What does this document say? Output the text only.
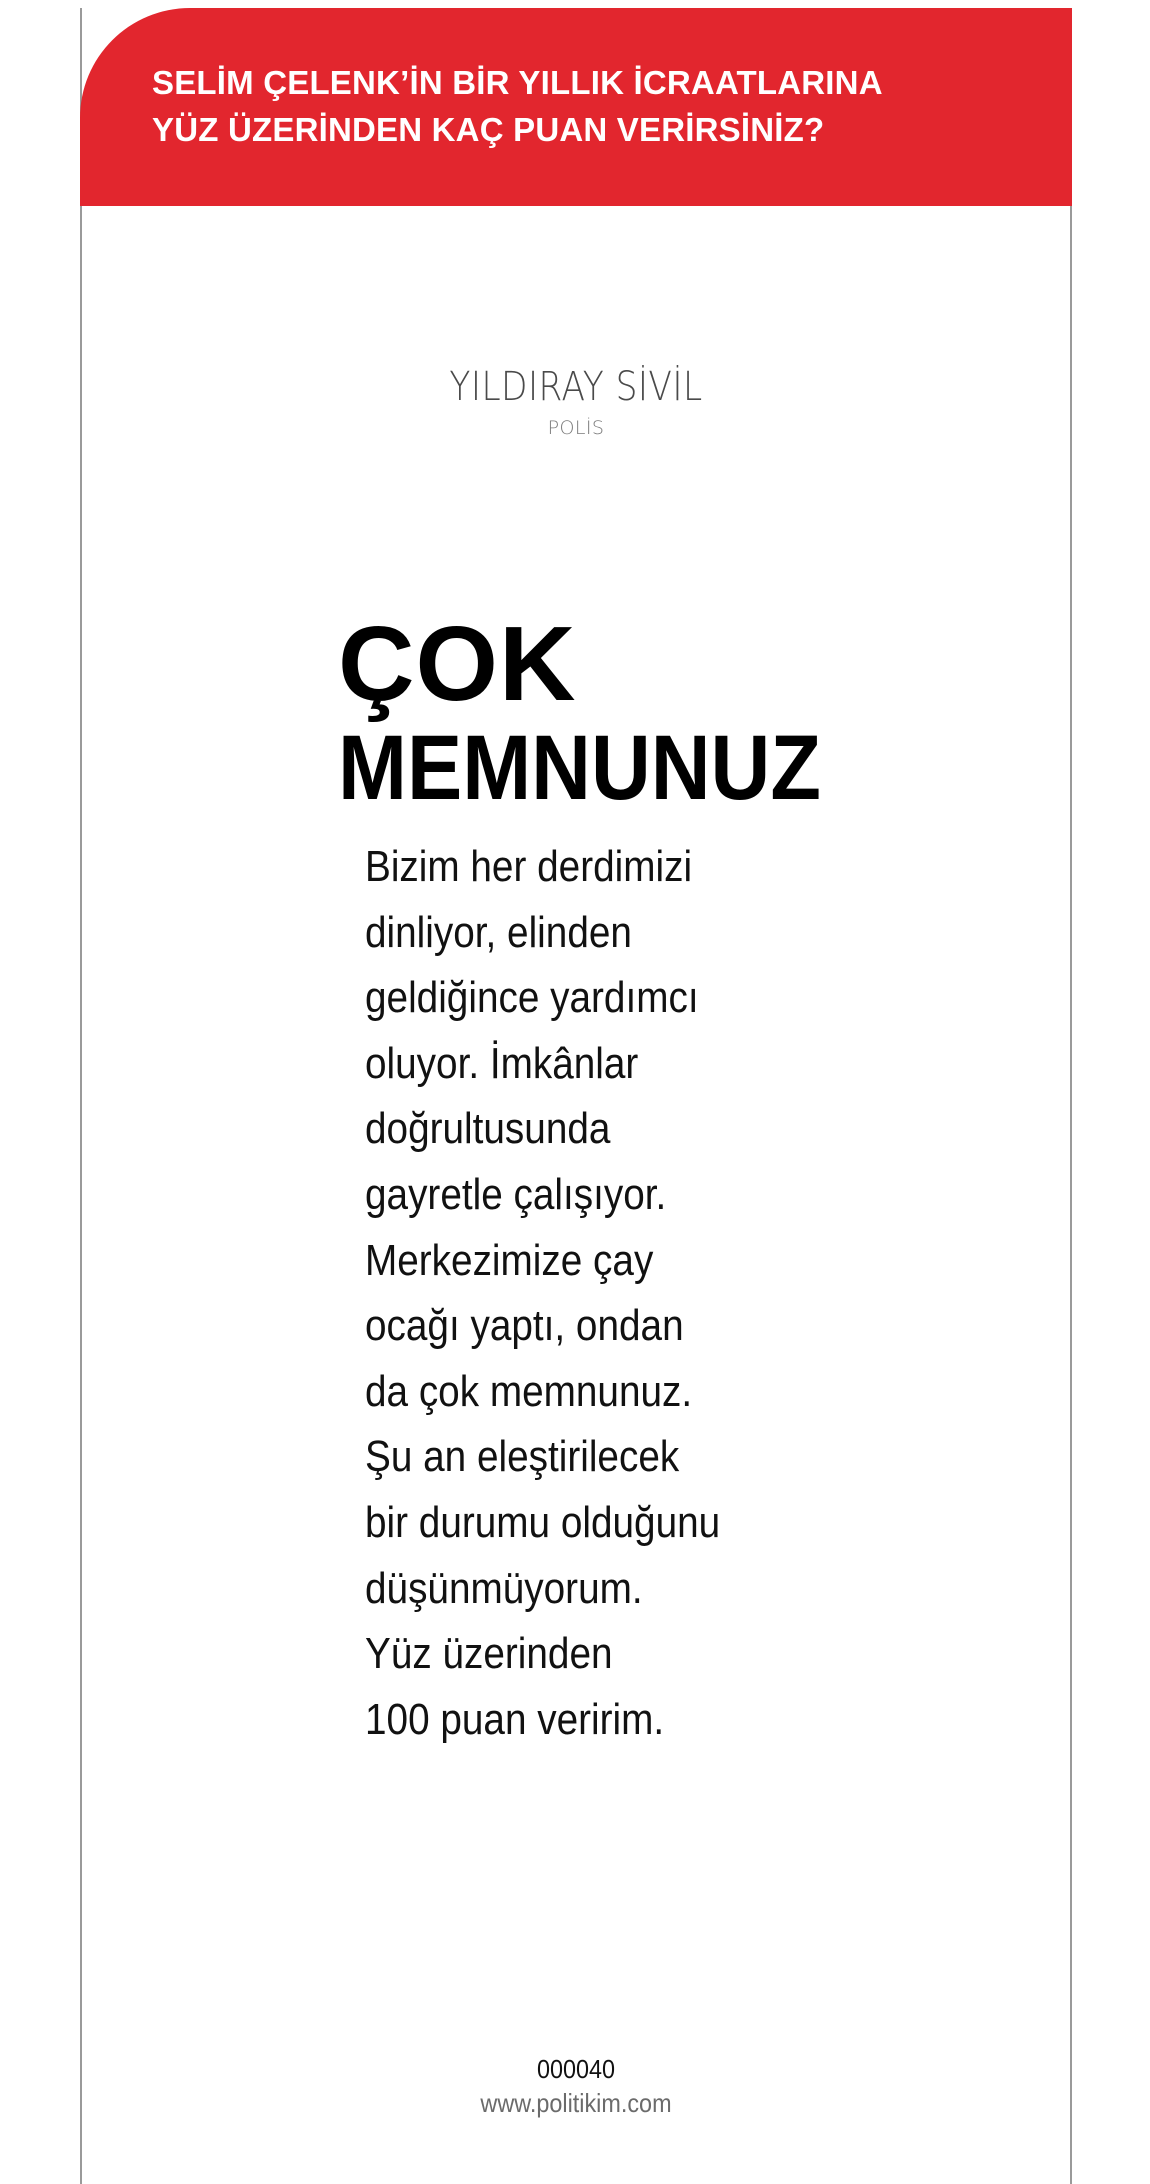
SELİM ÇELENK’İN BİR YILLIK İCRAATLARINA
YÜZ ÜZERİNDEN KAÇ PUAN VERİRSİNİZ?
YILDIRAY SİVİL
POLİS
ÇOK
MEMNUNUZ
Bizim her derdimizi
dinliyor, elinden
geldiğince yardımcı
oluyor. İmkânlar
doğrultusunda
gayretle çalışıyor.
Merkezimize çay
ocağı yaptı, ondan
da çok memnunuz.
Şu an eleştirilecek
bir durumu olduğunu
düşünmüyorum.
Yüz üzerinden
100 puan veririm.
000040
www.politikim.com
